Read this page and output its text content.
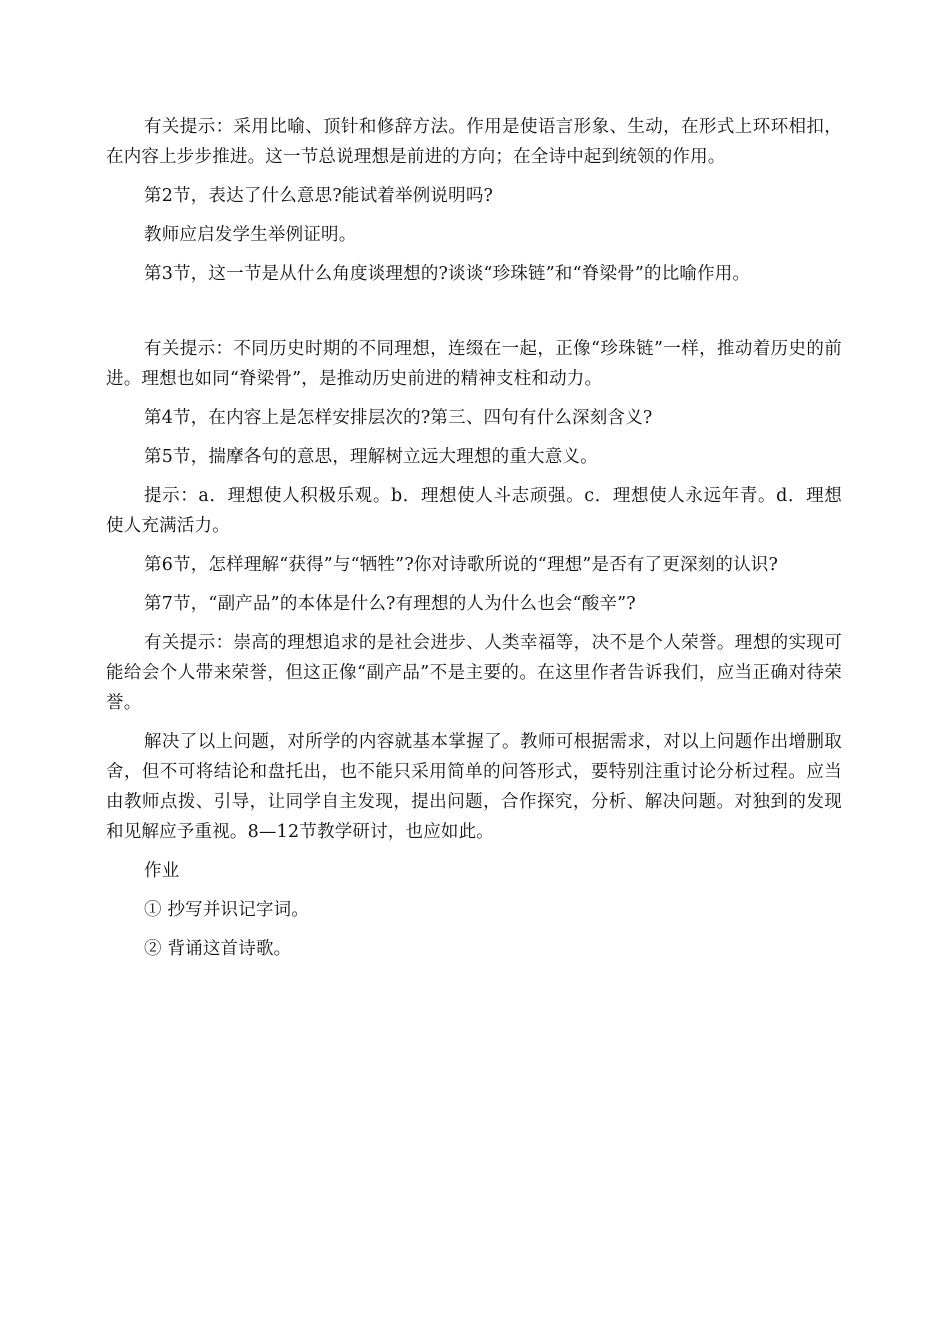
有关提示：采用比喻、顶针和修辞方法。作用是使语言形象、生动，在形式上环环相扣，在内容上步步推进。这一节总说理想是前进的方向；在全诗中起到统领的作用。

第2节，表达了什么意思?能试着举例说明吗?

教师应启发学生举例证明。

第3节，这一节是从什么角度谈理想的?谈谈“珍珠链”和“脊梁骨”的比喻作用。

有关提示：不同历史时期的不同理想，连缀在一起，正像“珍珠链”一样，推动着历史的前进。理想也如同“脊梁骨”，是推动历史前进的精神支柱和动力。

第4节，在内容上是怎样安排层次的?第三、四句有什么深刻含义?

第5节，揣摩各句的意思，理解树立远大理想的重大意义。

提示：a．理想使人积极乐观。b．理想使人斗志顽强。c．理想使人永远年青。d．理想使人充满活力。

第6节，怎样理解“获得”与“牺牲”?你对诗歌所说的“理想”是否有了更深刻的认识?

第7节，“副产品”的本体是什么?有理想的人为什么也会“酸辛”?

有关提示：崇高的理想追求的是社会进步、人类幸福等，决不是个人荣誉。理想的实现可能给会个人带来荣誉，但这正像“副产品”不是主要的。在这里作者告诉我们，应当正确对待荣誉。

解决了以上问题，对所学的内容就基本掌握了。教师可根据需求，对以上问题作出增删取舍，但不可将结论和盘托出，也不能只采用简单的问答形式，要特别注重讨论分析过程。应当由教师点拨、引导，让同学自主发现，提出问题，合作探究，分析、解决问题。对独到的发现和见解应予重视。8—12节教学研讨，也应如此。

作业

① 抄写并识记字词。

② 背诵这首诗歌。
